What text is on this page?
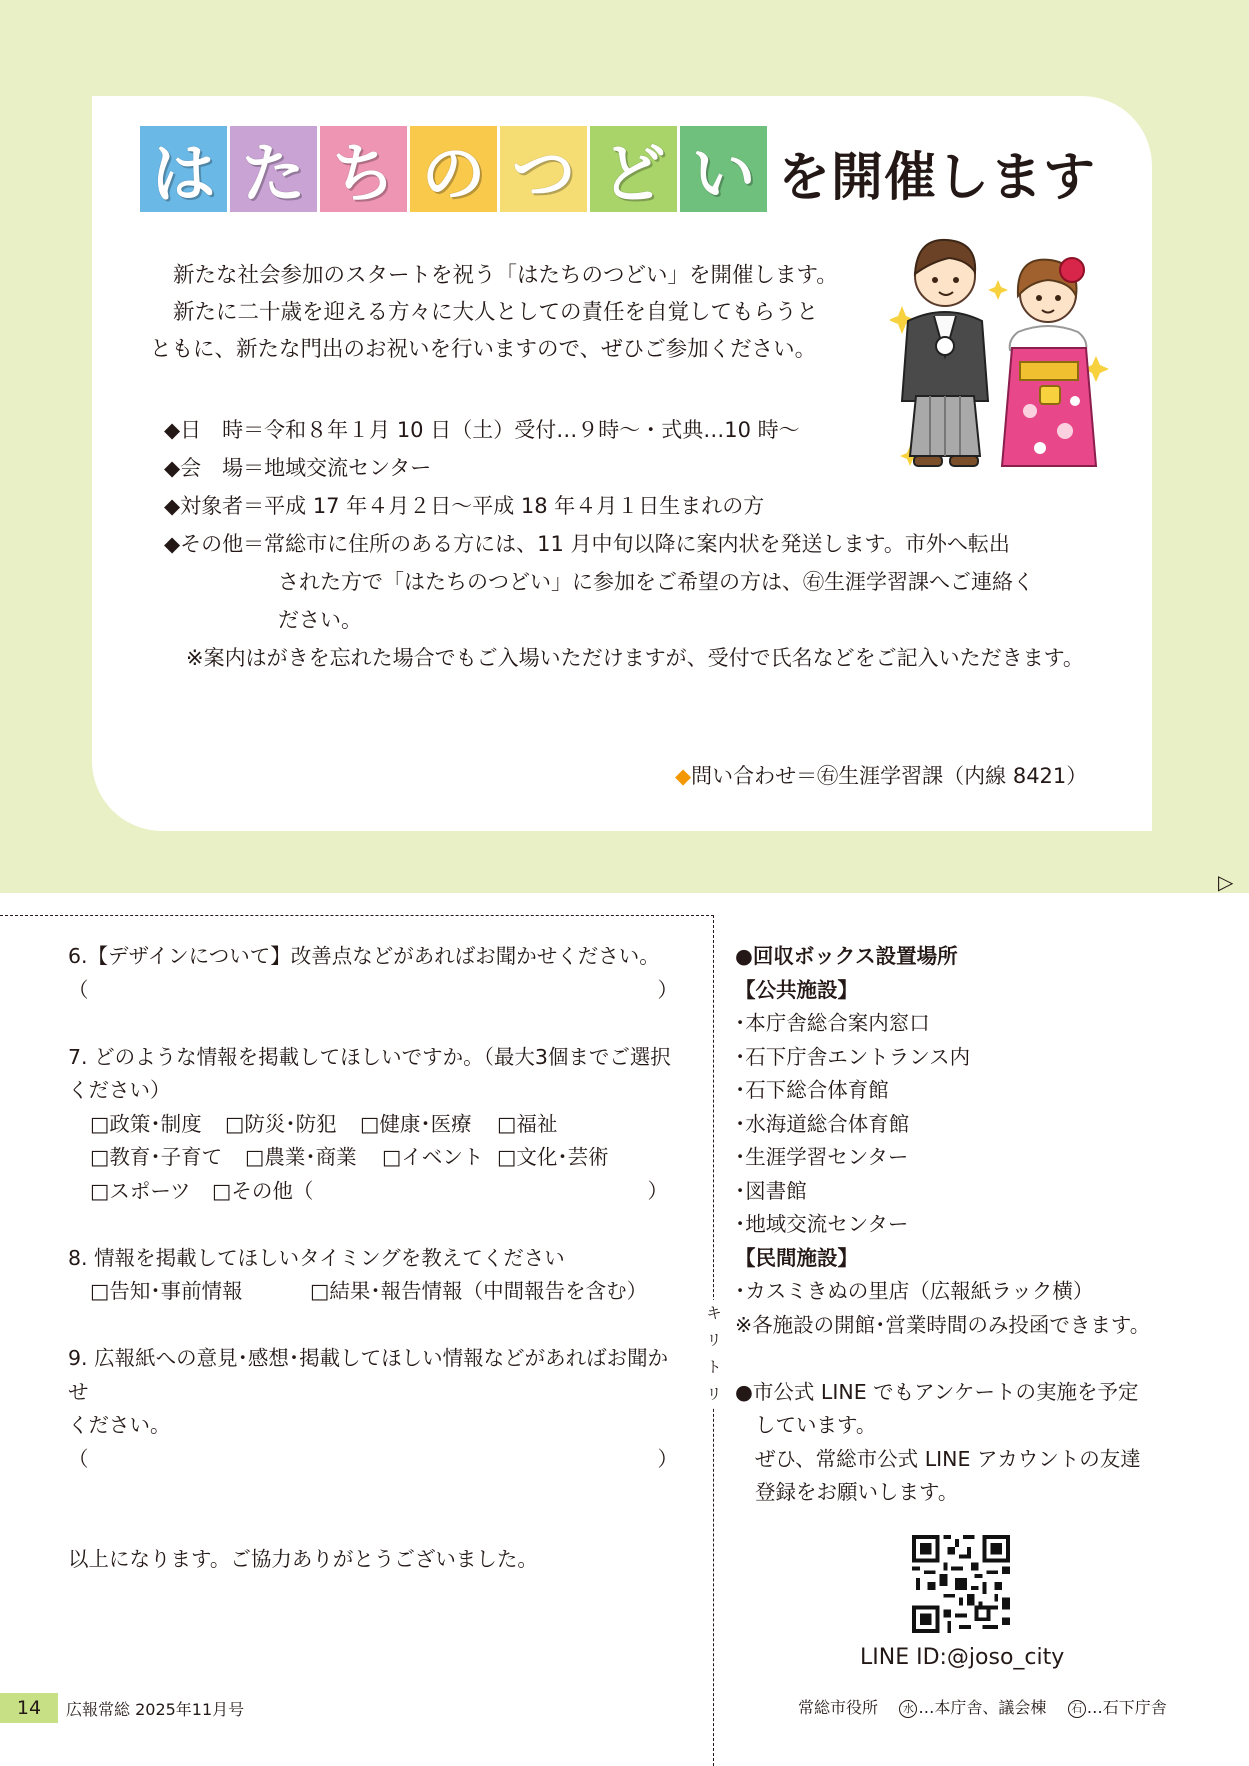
は た ち の つ ど い を開催します
新たな社会参加のスタートを祝う「はたちのつどい」を開催します。
新たに二十歳を迎える方々に大人としての責任を自覚してもらうと
ともに、新たな門出のお祝いを行いますので、ぜひご参加ください。
◆日　時＝令和８年１月 10 日（土）受付…９時～・式典…10 時～
◆会　場＝地域交流センター
◆対象者＝平成 17 年４月２日～平成 18 年４月１日生まれの方
◆その他＝常総市に住所のある方には、11 月中旬以降に案内状を発送します。市外へ転出
された方で「はたちのつどい」に参加をご希望の方は、㊨生涯学習課へご連絡く
ださい。
※案内はがきを忘れた場合でもご入場いただけますが、受付で氏名などをご記入いただきます。
◆問い合わせ＝㊨生涯学習課（内線 8421）
▷
キ
リ
ト
リ
6.【デザインについて】改善点などがあればお聞かせください。
（	）
7. どのような情報を掲載してほしいですか。（最大3個までご選択
ください）
□政策･制度 □防災･防犯 □健康･医療 □福祉
□教育･子育て □農業･商業 □イベント □文化･芸術
□スポーツ □その他（	）
8. 情報を掲載してほしいタイミングを教えてください
□告知･事前情報	□結果･報告情報（中間報告を含む）
9. 広報紙への意見･感想･掲載してほしい情報などがあればお聞かせ
ください。
（	）
以上になります。ご協力ありがとうございました。
●回収ボックス設置場所
【公共施設】
･本庁舎総合案内窓口
･石下庁舎エントランス内
･石下総合体育館
･水海道総合体育館
･生涯学習センター
･図書館
･地域交流センター
【民間施設】
･カスミきぬの里店（広報紙ラック横）
※各施設の開館･営業時間のみ投函できます。
●市公式 LINE でもアンケートの実施を予定
しています。
ぜひ、常総市公式 LINE アカウントの友達
登録をお願いします。
LINE ID:@joso_city
14	広報常総 2025年11月号	常総市役所 水 …本庁舎、議会棟 石 …石下庁舎
